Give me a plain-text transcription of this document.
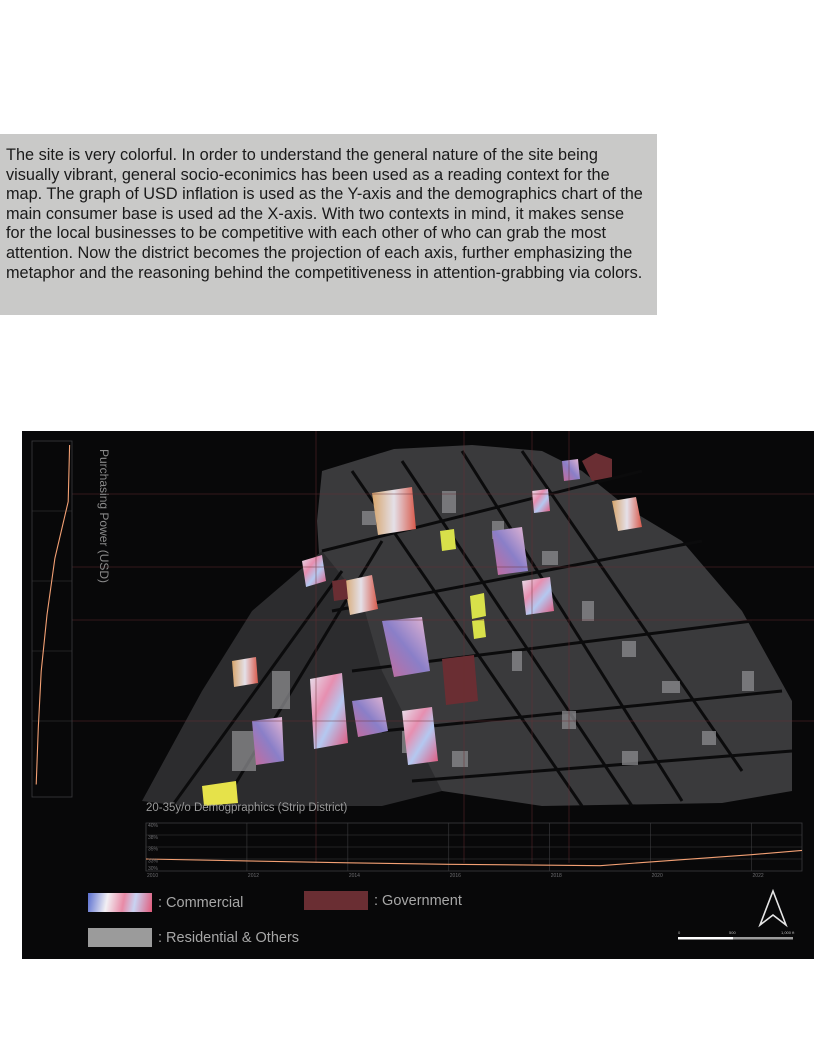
The site is very colorful. In order to understand the general nature of the site being visually vibrant, general socio-econimics has been used as a reading context for the map. The graph of USD inflation is used as the Y-axis and the demographics chart of the main consumer base is used ad the X-axis. With two contexts in mind, it makes sense for the local businesses to be competitive with each other of who can grab the most attention. Now the district becomes the projection of each axis, further emphasizing the metaphor and the reasoning behind the competitiveness in attention-grabbing via colors.

2010	2012	2014	2016	2018	2020	2022
40%
38%
35%
33%
30%
Purchasing Power (USD)
20-35y/o Demogpraphics (Strip District)
: Commercial	: Government
: Residential & Others	0	500	1,000 ft
